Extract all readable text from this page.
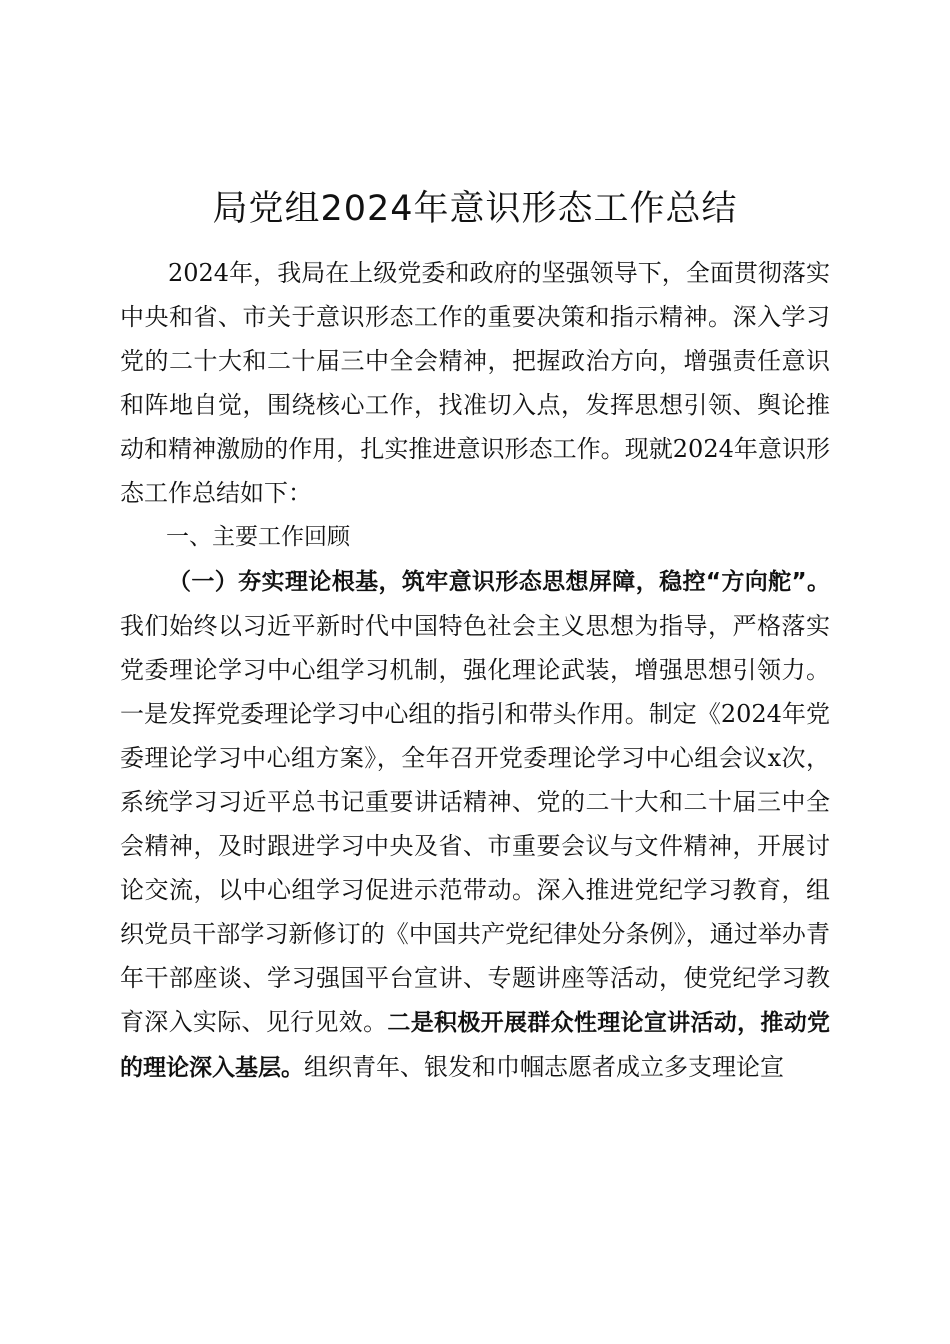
局党组2024年意识形态工作总结

2024年，我局在上级党委和政府的坚强领导下，全面贯彻落实中央和省、市关于意识形态工作的重要决策和指示精神。深入学习党的二十大和二十届三中全会精神，把握政治方向，增强责任意识和阵地自觉，围绕核心工作，找准切入点，发挥思想引领、舆论推动和精神激励的作用，扎实推进意识形态工作。现就2024年意识形态工作总结如下：

一、主要工作回顾

（一）夯实理论根基，筑牢意识形态思想屏障，稳控“方向舵”。我们始终以习近平新时代中国特色社会主义思想为指导，严格落实党委理论学习中心组学习机制，强化理论武装，增强思想引领力。一是发挥党委理论学习中心组的指引和带头作用。制定《2024年党委理论学习中心组方案》，全年召开党委理论学习中心组会议x次，系统学习习近平总书记重要讲话精神、党的二十大和二十届三中全会精神，及时跟进学习中央及省、市重要会议与文件精神，开展讨论交流，以中心组学习促进示范带动。深入推进党纪学习教育，组织党员干部学习新修订的《中国共产党纪律处分条例》，通过举办青年干部座谈、学习强国平台宣讲、专题讲座等活动，使党纪学习教育深入实际、见行见效。二是积极开展群众性理论宣讲活动，推动党的理论深入基层。组织青年、银发和巾帼志愿者成立多支理论宣
